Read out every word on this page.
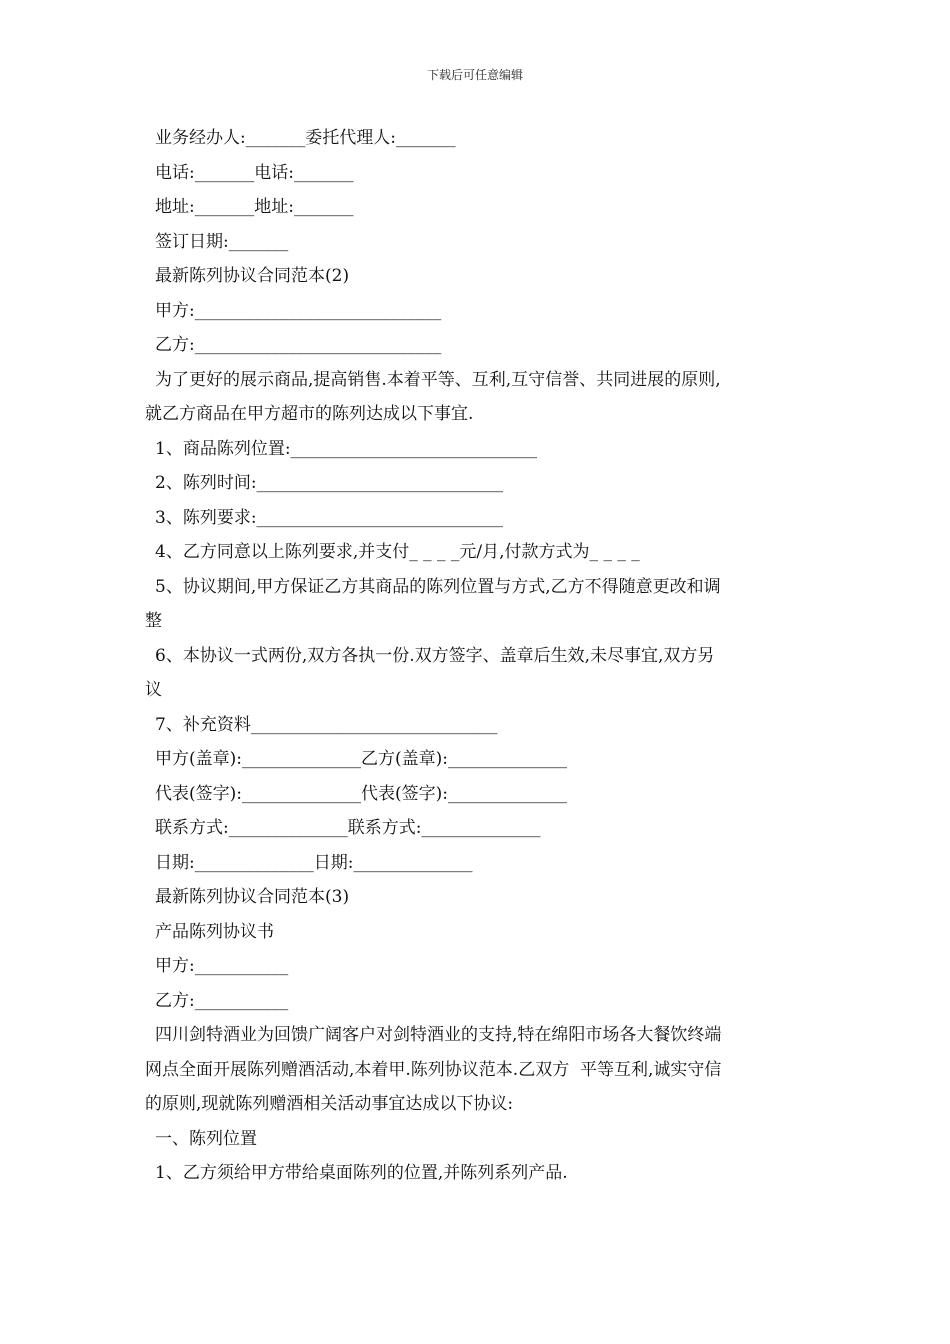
下载后可任意编辑
业务经办人:_______委托代理人:_______
电话:_______电话:_______
地址:_______地址:_______
签订日期:_______
最新陈列协议合同范本(2)
甲方:_____________________________
乙方:_____________________________
为了更好的展示商品,提高销售.本着平等、互利,互守信誉、共同进展的原则,
就乙方商品在甲方超市的陈列达成以下事宜.
1、商品陈列位置:_____________________________
2、陈列时间:_____________________________
3、陈列要求:_____________________________
4、乙方同意以上陈列要求,并支付_ _ _ _元/月,付款方式为_ _ _ _
5、协议期间,甲方保证乙方其商品的陈列位置与方式,乙方不得随意更改和调
整
6、本协议一式两份,双方各执一份.双方签字、盖章后生效,未尽事宜,双方另
议
7、补充资料_____________________________
甲方(盖章):______________乙方(盖章):______________
代表(签字):______________代表(签字):______________
联系方式:______________联系方式:______________
日期:______________日期:______________
最新陈列协议合同范本(3)
产品陈列协议书
甲方:___________
乙方:___________
四川剑特酒业为回馈广阔客户对剑特酒业的支持,特在绵阳市场各大餐饮终端
网点全面开展陈列赠酒活动,本着甲.陈列协议范本.乙双方  平等互利,诚实守信
的原则,现就陈列赠酒相关活动事宜达成以下协议:
一、陈列位置
1、乙方须给甲方带给桌面陈列的位置,并陈列系列产品.
